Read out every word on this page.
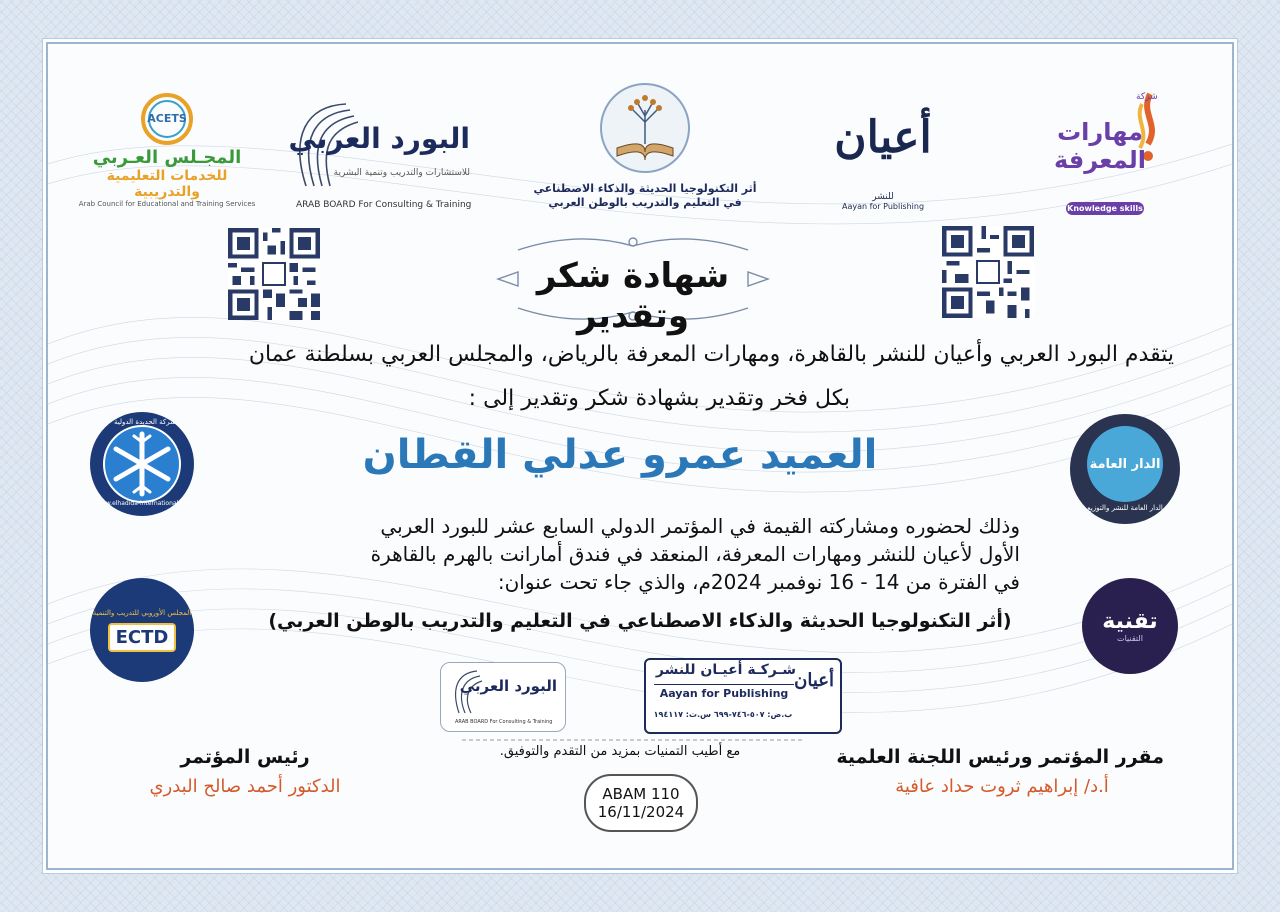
ACETS
المجـلس العـربي
للخدمات التعليمية والتدريبية
Arab Council for Educational and Training Services
البورد العربي
للاستشارات والتدريب وتنمية البشرية
ARAB BOARD For Consulting & Training
أثر التكنولوجيا الحديثة والذكاء الاصطناعي
في التعليم والتدريب بالوطن العربي
أعيان
للنشر
Aayan for Publishing
مهارات المعرفة
شركة
Knowledge skills
شهادة شكر وتقدير
يتقدم البورد العربي وأعيان للنشر بالقاهرة، ومهارات المعرفة بالرياض، والمجلس العربي بسلطنة عمان
بكل فخر وتقدير بشهادة شكر وتقدير إلى :
العميد عمرو عدلي القطان
وذلك لحضوره ومشاركته القيمة في المؤتمر الدولي السابع عشر للبورد العربي
الأول لأعيان للنشر ومهارات المعرفة، المنعقد في فندق أمارانت بالهرم بالقاهرة
في الفترة من 14 - 16 نوفمبر 2024م، والذي جاء تحت عنوان:
(أثر التكنولوجيا الحديثة والذكاء الاصطناعي في التعليم والتدريب بالوطن العربي)
شركة الحديدة الدولية
www.elhadida-international.com
المجلس الأوروبي للتدريب والتنمية
ECTD
الدار العامة
الدار العامة للنشر والتوزيع
تقنية
التقنيات
البورد العربي
ARAB BOARD For Consulting & Training
شـركـة أعيـان للنشر
Aayan for Publishing
ب.ض: ٥٠٧-٧٤٦-٦٩٩ س.ت: ١٩٤١١٧
أعيان
مع أطيب التمنيات بمزيد من التقدم والتوفيق.
ABAM 110
16/11/2024
مقرر المؤتمر ورئيس اللجنة العلمية
أ.د/ إبراهيم ثروت حداد عافية
رئيس المؤتمر
الدكتور أحمد صالح البدري
